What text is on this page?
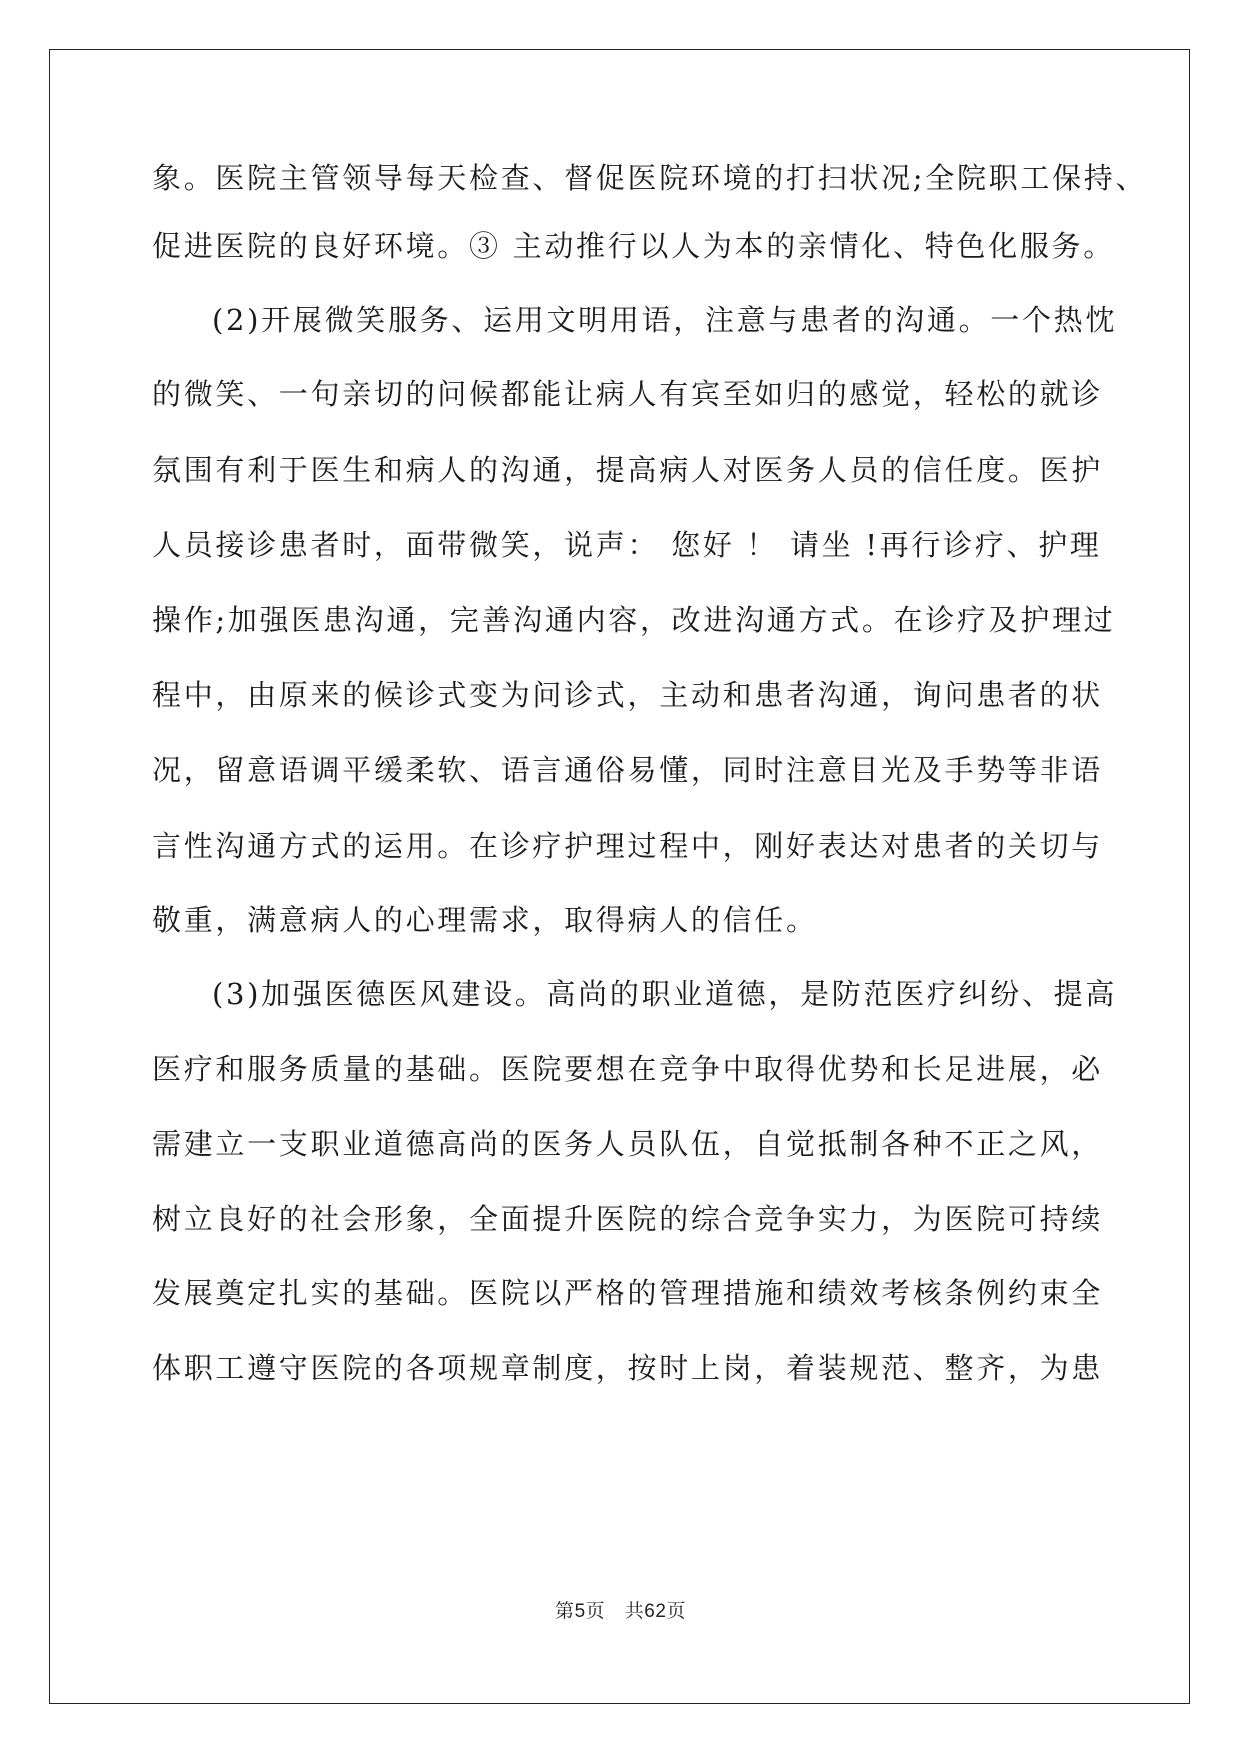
象。医院主管领导每天检查、督促医院环境的打扫状况;全院职工保持、
促进医院的良好环境。③ 主动推行以人为本的亲情化、特色化服务。
(2)开展微笑服务、运用文明用语，注意与患者的沟通。一个热忱
的微笑、一句亲切的问候都能让病人有宾至如归的感觉，轻松的就诊
氛围有利于医生和病人的沟通，提高病人对医务人员的信任度。医护
人员接诊患者时，面带微笑，说声： 您好 ！ 请坐 !再行诊疗、护理
操作;加强医患沟通，完善沟通内容，改进沟通方式。在诊疗及护理过
程中，由原来的候诊式变为问诊式，主动和患者沟通，询问患者的状
况，留意语调平缓柔软、语言通俗易懂，同时注意目光及手势等非语
言性沟通方式的运用。在诊疗护理过程中，刚好表达对患者的关切与
敬重，满意病人的心理需求，取得病人的信任。
(3)加强医德医风建设。高尚的职业道德，是防范医疗纠纷、提高
医疗和服务质量的基础。医院要想在竞争中取得优势和长足进展，必
需建立一支职业道德高尚的医务人员队伍，自觉抵制各种不正之风，
树立良好的社会形象，全面提升医院的综合竞争实力，为医院可持续
发展奠定扎实的基础。医院以严格的管理措施和绩效考核条例约束全
体职工遵守医院的各项规章制度，按时上岗，着装规范、整齐，为患
第5页 共62页
